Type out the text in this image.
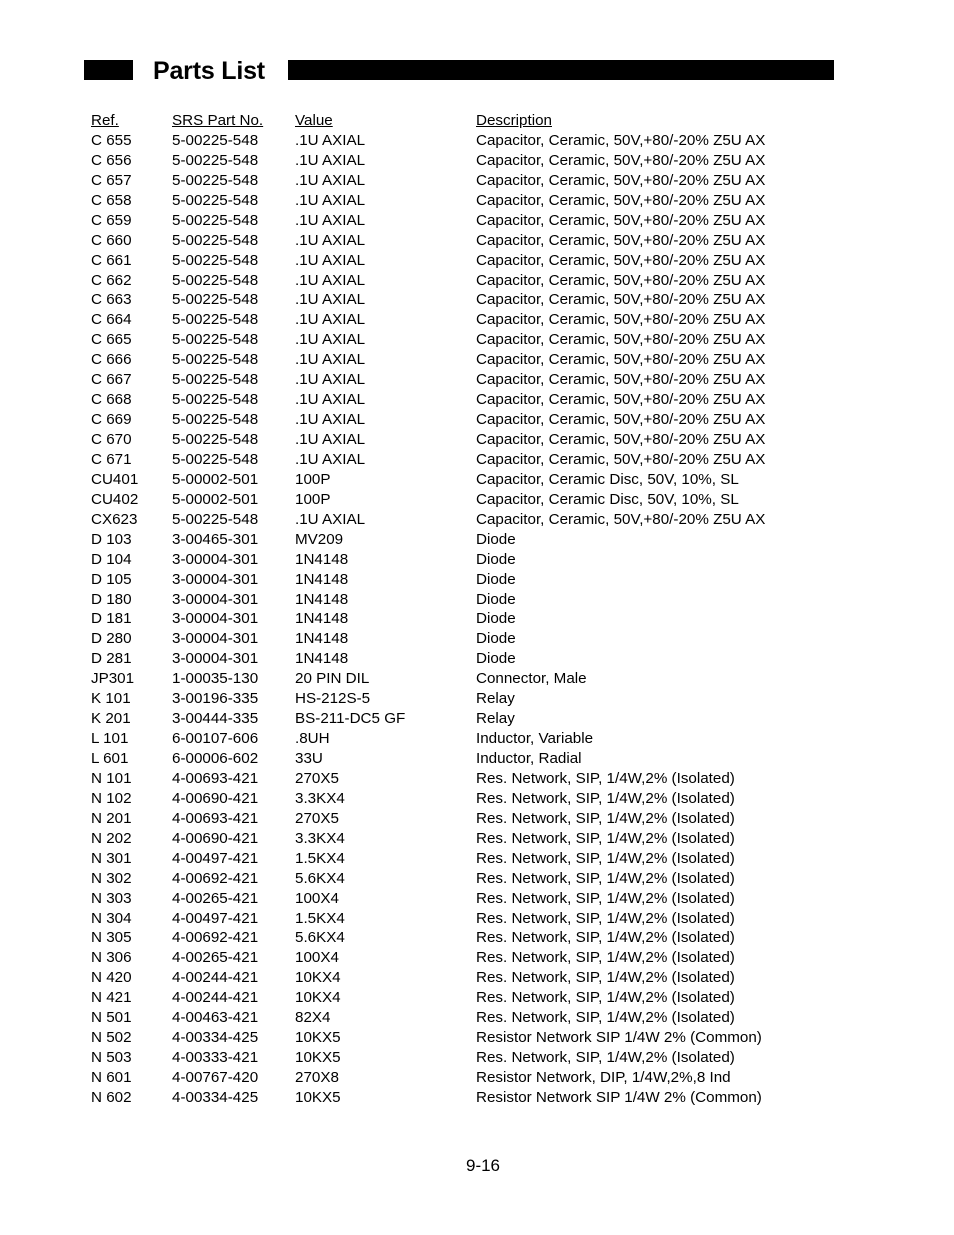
Parts List
Ref.	SRS Part No. Value	Description
C 655	5-00225-548 .1U AXIAL	Capacitor, Ceramic, 50V,+80/-20% Z5U AX
C 656	5-00225-548 .1U AXIAL	Capacitor, Ceramic, 50V,+80/-20% Z5U AX
C 657	5-00225-548 .1U AXIAL	Capacitor, Ceramic, 50V,+80/-20% Z5U AX
C 658	5-00225-548 .1U AXIAL	Capacitor, Ceramic, 50V,+80/-20% Z5U AX
C 659	5-00225-548 .1U AXIAL	Capacitor, Ceramic, 50V,+80/-20% Z5U AX
C 660	5-00225-548 .1U AXIAL	Capacitor, Ceramic, 50V,+80/-20% Z5U AX
C 661	5-00225-548 .1U AXIAL	Capacitor, Ceramic, 50V,+80/-20% Z5U AX
C 662	5-00225-548 .1U AXIAL	Capacitor, Ceramic, 50V,+80/-20% Z5U AX
C 663	5-00225-548 .1U AXIAL	Capacitor, Ceramic, 50V,+80/-20% Z5U AX
C 664	5-00225-548 .1U AXIAL	Capacitor, Ceramic, 50V,+80/-20% Z5U AX
C 665	5-00225-548 .1U AXIAL	Capacitor, Ceramic, 50V,+80/-20% Z5U AX
C 666	5-00225-548 .1U AXIAL	Capacitor, Ceramic, 50V,+80/-20% Z5U AX
C 667	5-00225-548 .1U AXIAL	Capacitor, Ceramic, 50V,+80/-20% Z5U AX
C 668	5-00225-548 .1U AXIAL	Capacitor, Ceramic, 50V,+80/-20% Z5U AX
C 669	5-00225-548 .1U AXIAL	Capacitor, Ceramic, 50V,+80/-20% Z5U AX
C 670	5-00225-548 .1U AXIAL	Capacitor, Ceramic, 50V,+80/-20% Z5U AX
C 671	5-00225-548 .1U AXIAL	Capacitor, Ceramic, 50V,+80/-20% Z5U AX
CU401 5-00002-501 100P	Capacitor, Ceramic Disc, 50V, 10%, SL
CU402 5-00002-501 100P	Capacitor, Ceramic Disc, 50V, 10%, SL
CX623 5-00225-548 .1U AXIAL	Capacitor, Ceramic, 50V,+80/-20% Z5U AX
D 103	3-00465-301 MV209	Diode
D 104	3-00004-301 1N4148	Diode
D 105	3-00004-301 1N4148	Diode
D 180	3-00004-301 1N4148	Diode
D 181	3-00004-301 1N4148	Diode
D 280	3-00004-301 1N4148	Diode
D 281	3-00004-301 1N4148	Diode
JP301 1-00035-130 20 PIN DIL	Connector, Male
K 101	3-00196-335 HS-212S-5	Relay
K 201	3-00444-335 BS-211-DC5 GF	Relay
L 101	6-00107-606 .8UH	Inductor, Variable
L 601	6-00006-602 33U	Inductor, Radial
N 101	4-00693-421 270X5	Res. Network, SIP, 1/4W,2% (Isolated)
N 102	4-00690-421 3.3KX4	Res. Network, SIP, 1/4W,2% (Isolated)
N 201	4-00693-421 270X5	Res. Network, SIP, 1/4W,2% (Isolated)
N 202	4-00690-421 3.3KX4	Res. Network, SIP, 1/4W,2% (Isolated)
N 301	4-00497-421 1.5KX4	Res. Network, SIP, 1/4W,2% (Isolated)
N 302	4-00692-421 5.6KX4	Res. Network, SIP, 1/4W,2% (Isolated)
N 303	4-00265-421 100X4	Res. Network, SIP, 1/4W,2% (Isolated)
N 304	4-00497-421 1.5KX4	Res. Network, SIP, 1/4W,2% (Isolated)
N 305	4-00692-421 5.6KX4	Res. Network, SIP, 1/4W,2% (Isolated)
N 306	4-00265-421 100X4	Res. Network, SIP, 1/4W,2% (Isolated)
N 420	4-00244-421 10KX4	Res. Network, SIP, 1/4W,2% (Isolated)
N 421	4-00244-421 10KX4	Res. Network, SIP, 1/4W,2% (Isolated)
N 501	4-00463-421 82X4	Res. Network, SIP, 1/4W,2% (Isolated)
N 502	4-00334-425 10KX5	Resistor Network SIP 1/4W 2% (Common)
N 503	4-00333-421 10KX5	Res. Network, SIP, 1/4W,2% (Isolated)
N 601	4-00767-420 270X8	Resistor Network, DIP, 1/4W,2%,8 Ind
N 602	4-00334-425 10KX5	Resistor Network SIP 1/4W 2% (Common)
9-16
